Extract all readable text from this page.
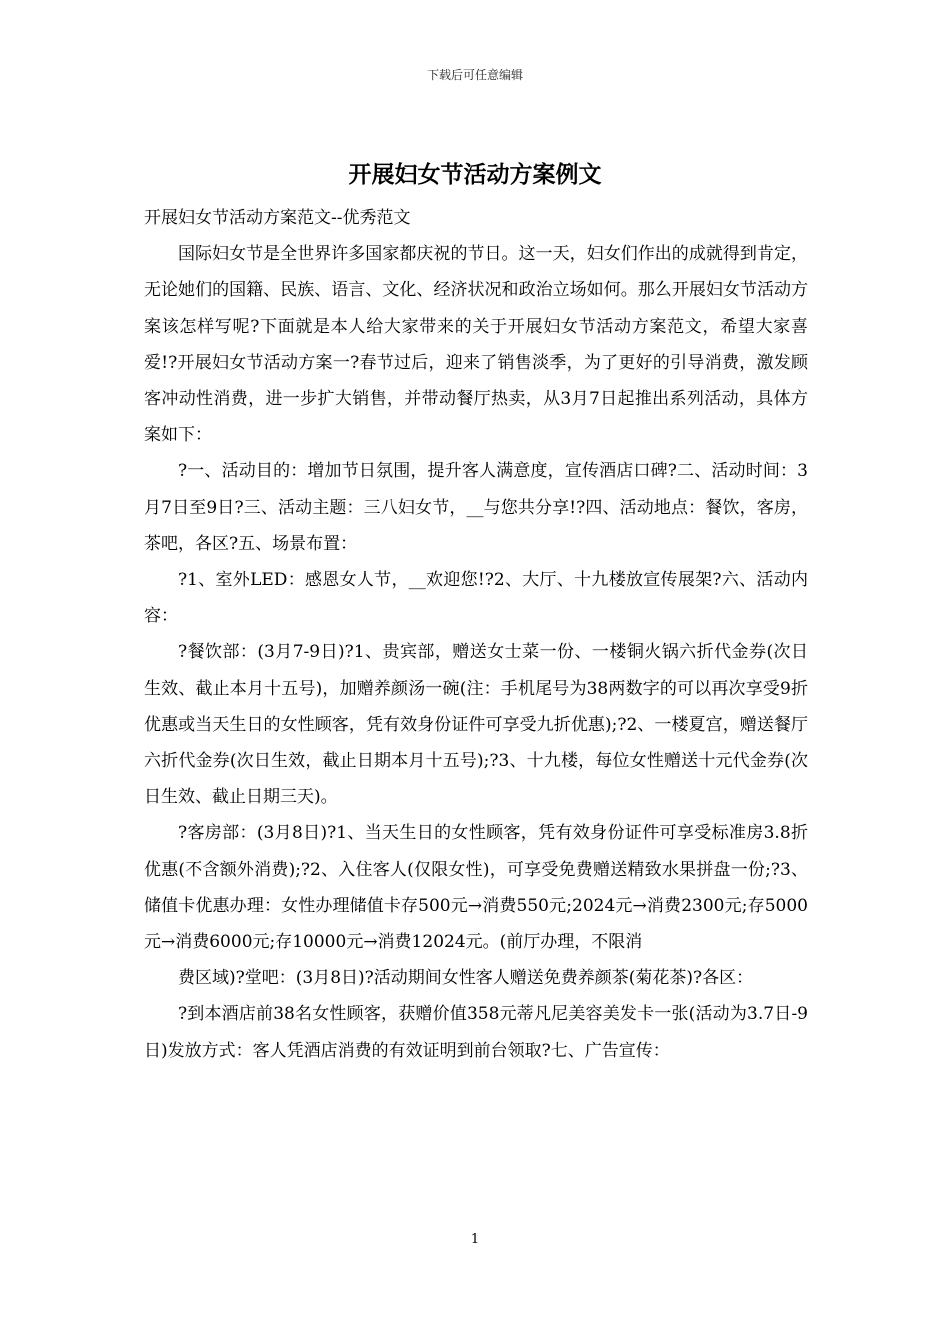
下载后可任意编辑
开展妇女节活动方案例文

开展妇女节活动方案范文--优秀范文

国际妇女节是全世界许多国家都庆祝的节日。这一天，妇女们作出的成就得到肯定，无论她们的国籍、民族、语言、文化、经济状况和政治立场如何。那么开展妇女节活动方案该怎样写呢?下面就是本人给大家带来的关于开展妇女节活动方案范文，希望大家喜爱!?开展妇女节活动方案一?春节过后，迎来了销售淡季，为了更好的引导消费，激发顾客冲动性消费，进一步扩大销售，并带动餐厅热卖，从3月7日起推出系列活动，具体方案如下：

?一、活动目的：增加节日氛围，提升客人满意度，宣传酒店口碑?二、活动时间：3月7日至9日?三、活动主题：三八妇女节，__与您共分享!?四、活动地点：餐饮，客房，茶吧，各区?五、场景布置：

?1、室外LED：感恩女人节，__欢迎您!?2、大厅、十九楼放宣传展架?六、活动内容：

?餐饮部：(3月7-9日)?1、贵宾部，赠送女士菜一份、一楼铜火锅六折代金券(次日生效、截止本月十五号)，加赠养颜汤一碗(注：手机尾号为38两数字的可以再次享受9折优惠或当天生日的女性顾客，凭有效身份证件可享受九折优惠);?2、一楼夏宫，赠送餐厅六折代金券(次日生效，截止日期本月十五号);?3、十九楼，每位女性赠送十元代金券(次日生效、截止日期三天)。

?客房部：(3月8日)?1、当天生日的女性顾客，凭有效身份证件可享受标准房3.8折优惠(不含额外消费);?2、入住客人(仅限女性)，可享受免费赠送精致水果拼盘一份;?3、储值卡优惠办理：女性办理储值卡存500元→消费550元;2024元→消费2300元;存5000元→消费6000元;存10000元→消费12024元。(前厅办理，不限消

费区域)?堂吧：(3月8日)?活动期间女性客人赠送免费养颜茶(菊花茶)?各区：

?到本酒店前38名女性顾客，获赠价值358元蒂凡尼美容美发卡一张(活动为3.7日-9日)发放方式：客人凭酒店消费的有效证明到前台领取?七、广告宣传：

1
